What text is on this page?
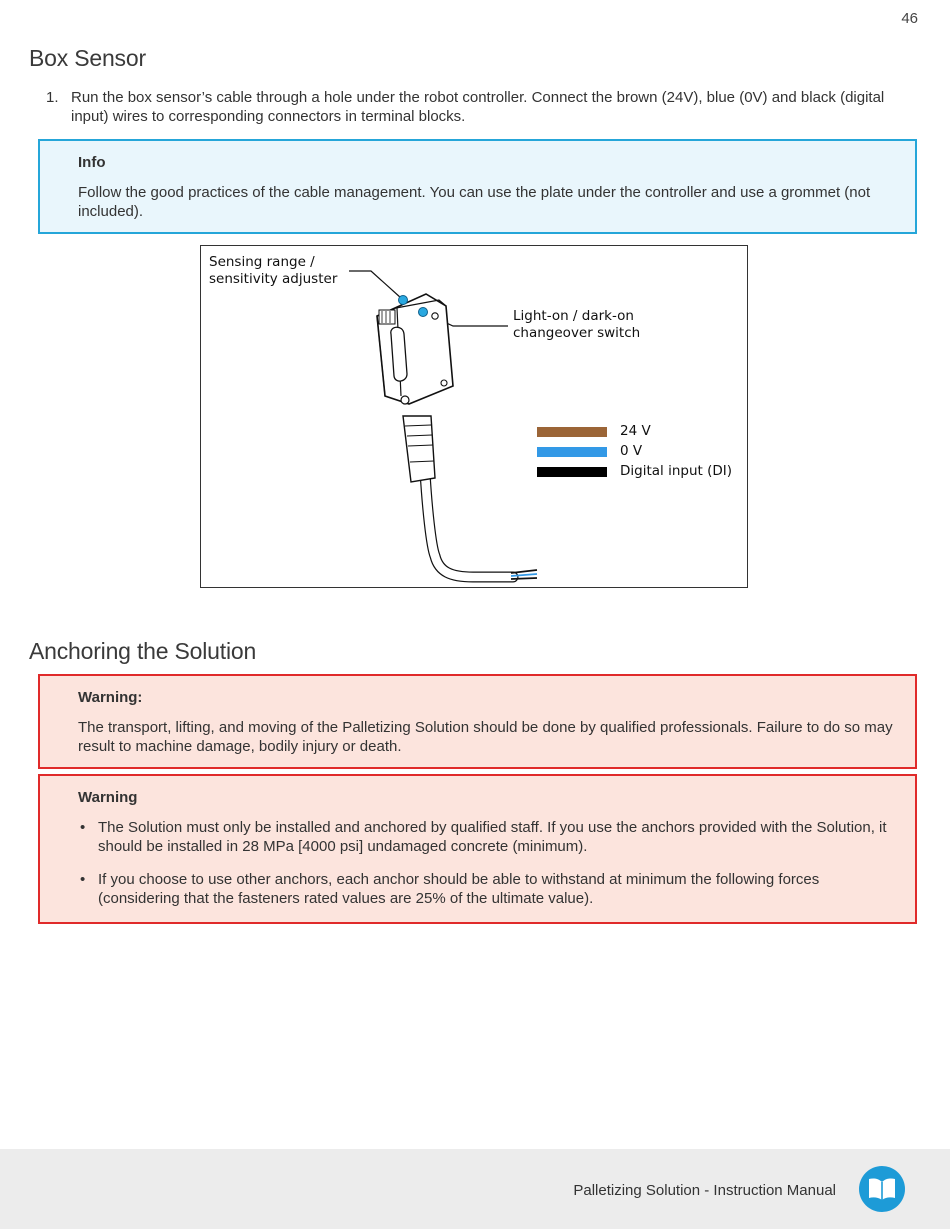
46
Box Sensor
1. Run the box sensor’s cable through a hole under the robot controller. Connect the brown (24V), blue (0V) and black (digital input) wires to corresponding connectors in terminal blocks.
Info
Follow the good practices of the cable management. You can use the plate under the controller and use a grommet (not included).
Sensing range /
sensitivity adjuster
Light-on / dark-on
changeover switch
24 V
0 V
Digital input (DI)
Anchoring the Solution
Warning:
The transport, lifting, and moving of the Palletizing Solution should be done by qualified professionals. Failure to do so may result to machine damage, bodily injury or death.
Warning
• The Solution must only be installed and anchored by qualified staff. If you use the anchors provided with the Solution, it should be installed in 28 MPa [4000 psi] undamaged concrete (minimum).
• If you choose to use other anchors, each anchor should be able to withstand at minimum the following forces (considering that the fasteners rated values are 25% of the ultimate value).
Palletizing Solution - Instruction Manual
